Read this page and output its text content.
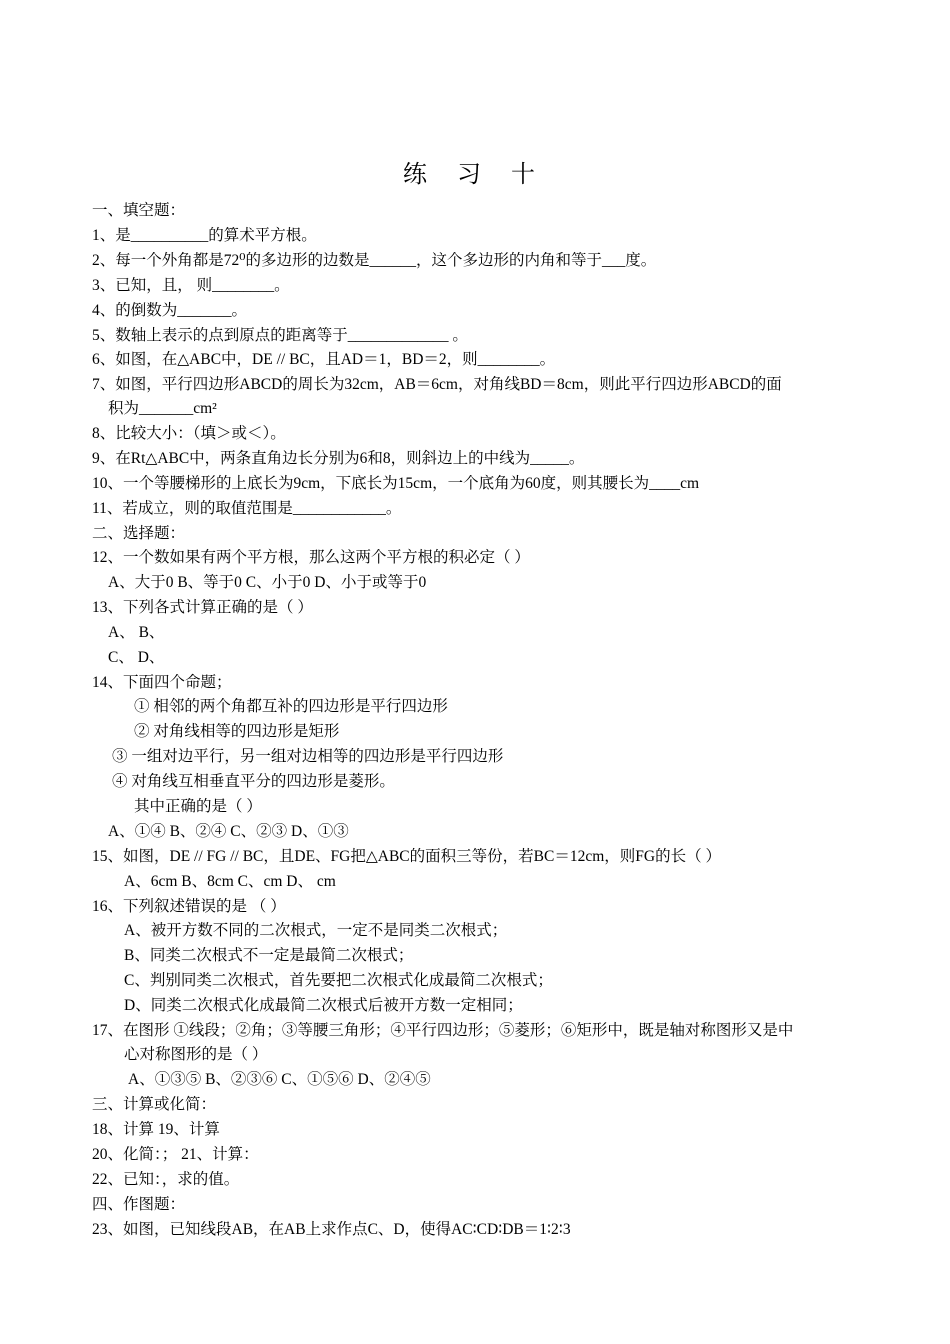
练 习 十
一、填空题：
1、是__________的算术平方根。
2、每一个外角都是72⁰的多边形的边数是______，这个多边形的内角和等于___度。
3、已知，且， 则________。
4、的倒数为_______。
5、数轴上表示的点到原点的距离等于_____________ 。
6、如图，在△ABC中，DE // BC，且AD＝1，BD＝2，则________。
7、如图，平行四边形ABCD的周长为32cm，AB＝6cm，对角线BD＝8cm，则此平行四边形ABCD的面
积为_______cm²
8、比较大小：（填＞或＜）。
9、在Rt△ABC中，两条直角边长分别为6和8，则斜边上的中线为_____。
10、一个等腰梯形的上底长为9cm，下底长为15cm，一个底角为60度，则其腰长为____cm
11、若成立，则的取值范围是____________。
二、选择题：
12、一个数如果有两个平方根，那么这两个平方根的积必定（ ）
A、大于0 B、等于0 C、小于0 D、小于或等于0
13、下列各式计算正确的是（ ）
A、 B、
C、 D、
14、下面四个命题；
① 相邻的两个角都互补的四边形是平行四边形
② 对角线相等的四边形是矩形
③ 一组对边平行，另一组对边相等的四边形是平行四边形
④ 对角线互相垂直平分的四边形是菱形。
其中正确的是（ ）
A、①④ B、②④ C、②③ D、①③
15、如图，DE // FG // BC，且DE、FG把△ABC的面积三等份，若BC＝12cm，则FG的长（ ）
A、6cm B、8cm C、cm D、 cm
16、下列叙述错误的是 （ ）
A、被开方数不同的二次根式，一定不是同类二次根式；
B、同类二次根式不一定是最简二次根式；
C、判别同类二次根式，首先要把二次根式化成最简二次根式；
D、同类二次根式化成最简二次根式后被开方数一定相同；
17、在图形 ①线段；②角；③等腰三角形；④平行四边形；⑤菱形；⑥矩形中，既是轴对称图形又是中
心对称图形的是（ ）
A、①③⑤ B、②③⑥ C、①⑤⑥ D、②④⑤
三、计算或化简：
18、计算 19、计算
20、化简：； 21、计算：
22、已知：，求的值。
四、作图题：
23、如图，已知线段AB，在AB上求作点C、D，使得AC∶CD∶DB＝1∶2∶3
